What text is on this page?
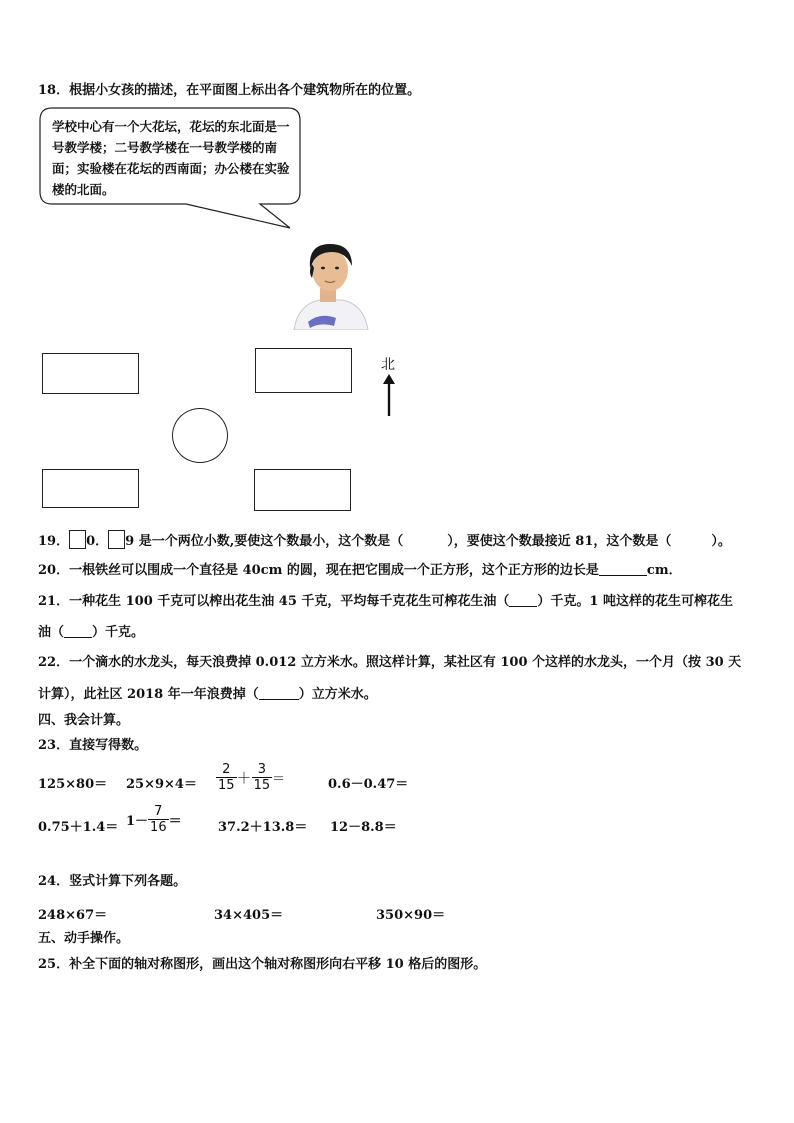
18．根据小女孩的描述，在平面图上标出各个建筑物所在的位置。
学校中心有一个大花坛，花坛的东北面是一号教学楼；二号教学楼在一号教学楼的南面；实验楼在花坛的西南面；办公楼在实验楼的北面。
北
19． 0． 9 是一个两位小数,要使这个数最小，这个数是（	），要使这个数最接近 81，这个数是（	）。
20．一根铁丝可以围成一个直径是 40cm 的圆，现在把它围成一个正方形，这个正方形的边长是	cm．
21．一种花生 100 千克可以榨出花生油 45 千克，平均每千克花生可榨花生油（ ）千克。1 吨这样的花生可榨花生
油（ ）千克。
22．一个滴水的水龙头，每天浪费掉 0.012 立方米水。照这样计算，某社区有 100 个这样的水龙头，一个月（按 30 天
计算），此社区 2018 年一年浪费掉（	）立方米水。
四、我会计算。
23．直接写得数。
$125\times 80= 25\times 9\times 4= \frac{2}{15} + \frac{3}{15}$ ＝	0.6－0.47＝
$0.75+1.4= 1- \frac{7}{16}$ ＝	37.2＋13.8＝ 12－8.8＝
24．竖式计算下列各题。
248×67＝	34×405＝	350×90＝
五、动手操作。
25．补全下面的轴对称图形，画出这个轴对称图形向右平移 10 格后的图形。
